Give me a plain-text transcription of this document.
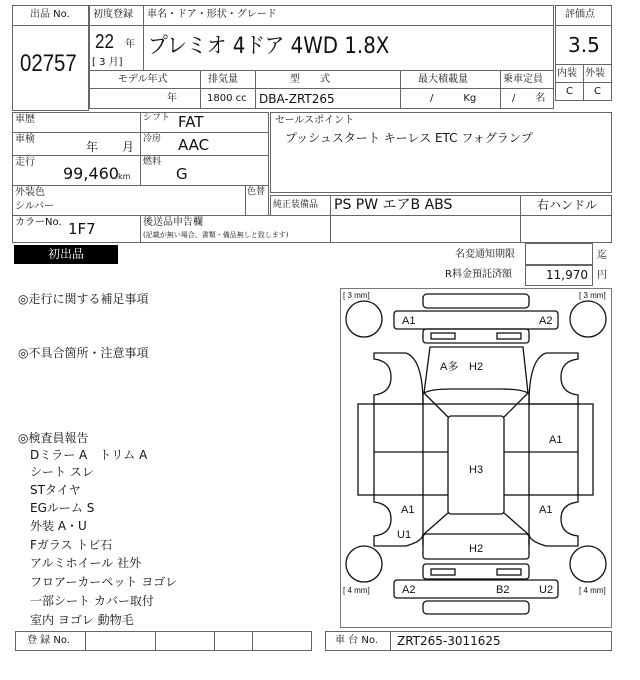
出品 No.
02757
初度登録 車名・ドア・形状・グレード
22 年
[ 3 月]
プレミオ 4ドア 4WD 1.8X
評価点
3.5
内装 外装
C C
モデル年式	排気量	型　　式	最大積載量	乗車定員
年	1800 cc DBA-ZRT265	/　　　Kg	/　　名
車歴
車検
年　　月
走行
99,460 km
シフト FAT
冷房 AAC
燃料
G
セールスポイント
プッシュスタート キーレス ETC フォグランプ
外装色
シルバー
色替
純正装備品 PS PW エアB ABS	右ハンドル
カラーNo. 1F7	後送品申告欄
(記載が無い場合、書類・備品無しと致します)
初出品	名変通知期限	迄
R料金預託済額	11,970 円
◎走行に関する補足事項
◎不具合箇所・注意事項
◎検査員報告
Dミラー A　トリム A
シート スレ
STタイヤ
EGルーム S
外装 A・U
Fガラス トビ石
アルミホイール 社外
フロアーカーペット ヨゴレ
一部シート カバー取付
室内 ヨゴレ 動物毛
[ 3 mm]	[ 3 mm]
[ 4 mm]	[ 4 mm]
A1	A2
A多 H2
A1
H3
A1	A1
U1
H2
A2	B2	U2
登 録 No.	車 台 No. ZRT265-3011625
